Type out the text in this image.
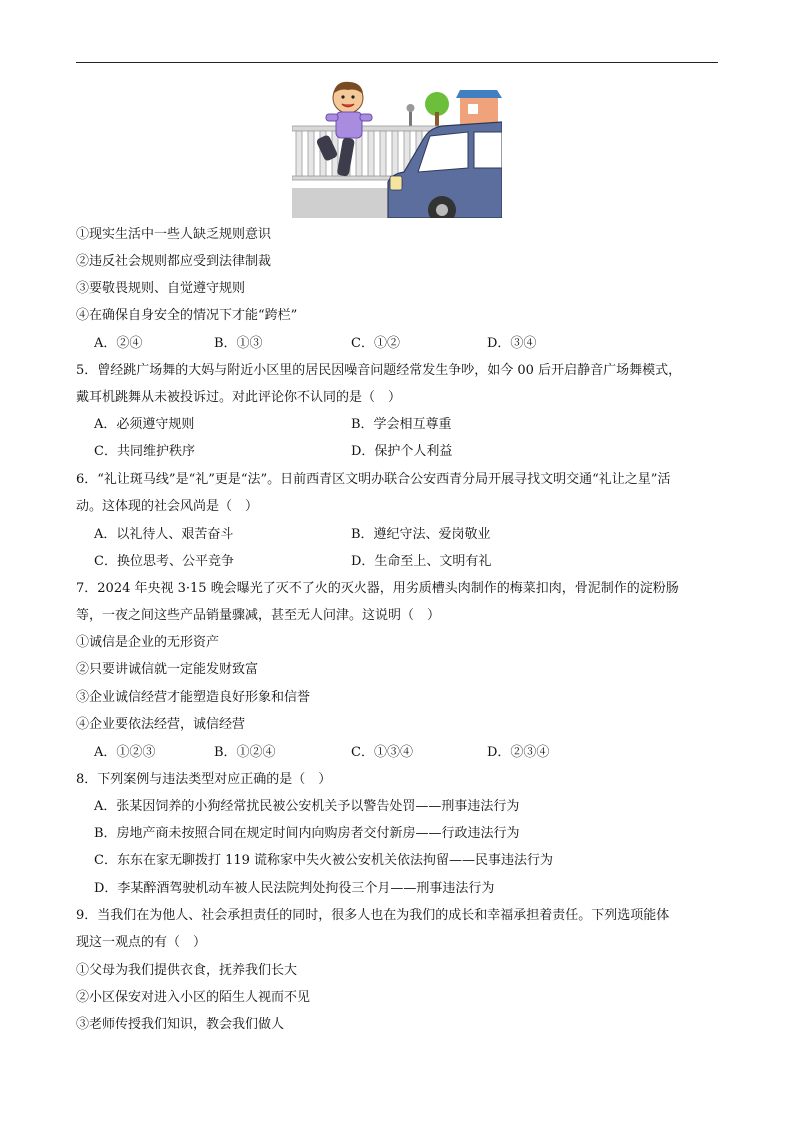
①现实生活中一些人缺乏规则意识
②违反社会规则都应受到法律制裁
③要敬畏规则、自觉遵守规则
④在确保自身安全的情况下才能“跨栏”
A．②④	B．①③	C．①②	D．③④
5．曾经跳广场舞的大妈与附近小区里的居民因噪音问题经常发生争吵，如今 00 后开启静音广场舞模式，
戴耳机跳舞从未被投诉过。对此评论你不认同的是（　）
A．必须遵守规则	B．学会相互尊重
C．共同维护秩序	D．保护个人利益
6．“礼让斑马线”是“礼”更是“法”。日前西青区文明办联合公安西青分局开展寻找文明交通“礼让之星”活
动。这体现的社会风尚是（　）
A．以礼待人、艰苦奋斗	B．遵纪守法、爱岗敬业
C．换位思考、公平竞争	D．生命至上、文明有礼
7．2024 年央视 3·15 晚会曝光了灭不了火的灭火器，用劣质槽头肉制作的梅菜扣肉，骨泥制作的淀粉肠
等，一夜之间这些产品销量骤减，甚至无人问津。这说明（　）
①诚信是企业的无形资产
②只要讲诚信就一定能发财致富
③企业诚信经营才能塑造良好形象和信誉
④企业要依法经营，诚信经营
A．①②③	B．①②④	C．①③④	D．②③④
8．下列案例与违法类型对应正确的是（　）
A．张某因饲养的小狗经常扰民被公安机关予以警告处罚——刑事违法行为
B．房地产商未按照合同在规定时间内向购房者交付新房——行政违法行为
C．东东在家无聊拨打 119 谎称家中失火被公安机关依法拘留——民事违法行为
D．李某醉酒驾驶机动车被人民法院判处拘役三个月——刑事违法行为
9．当我们在为他人、社会承担责任的同时，很多人也在为我们的成长和幸福承担着责任。下列选项能体
现这一观点的有（　）
①父母为我们提供衣食，抚养我们长大
②小区保安对进入小区的陌生人视而不见
③老师传授我们知识，教会我们做人
